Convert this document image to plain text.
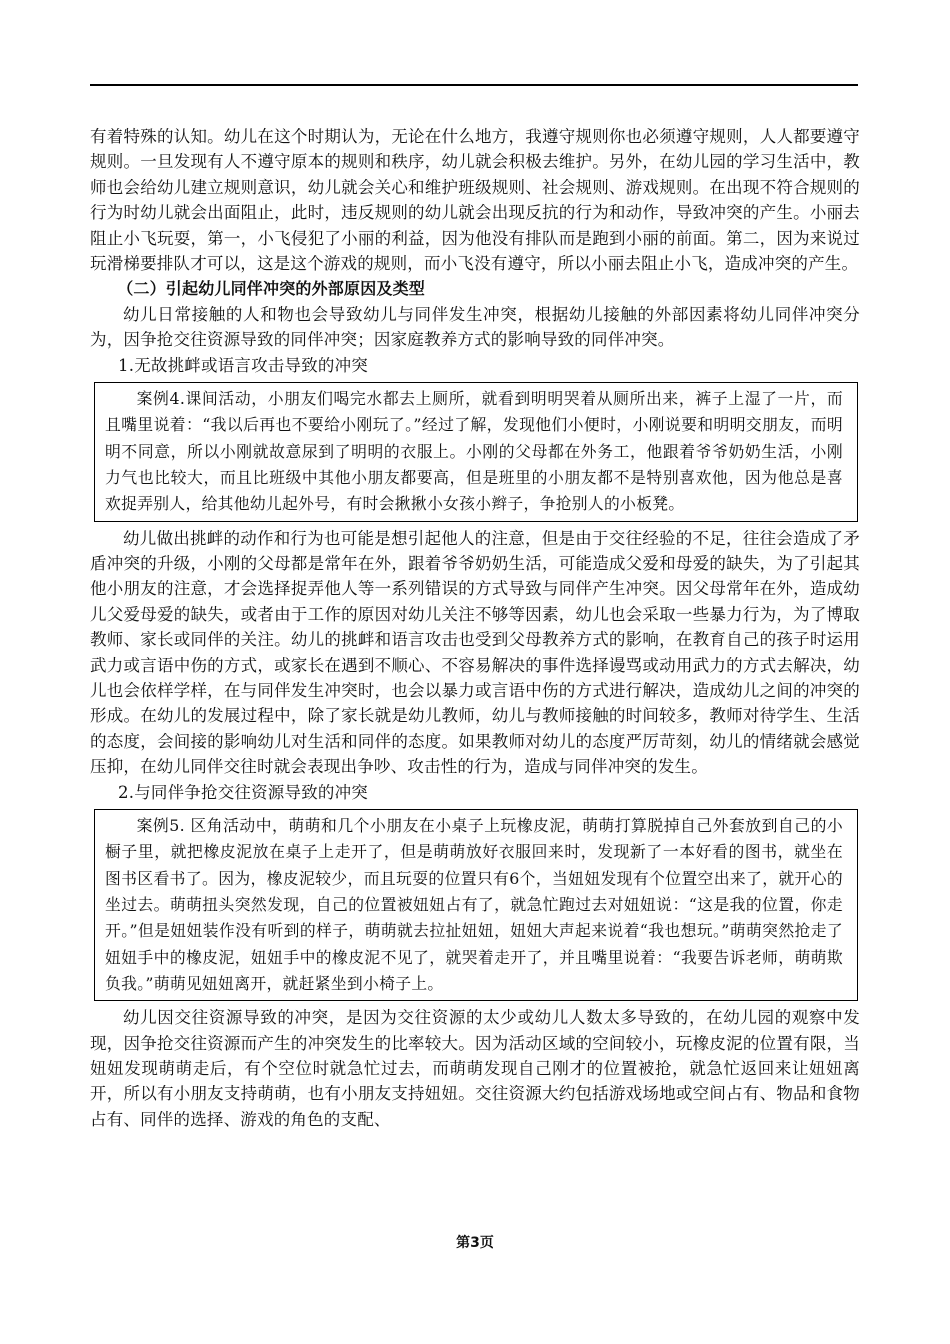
有着特殊的认知。幼儿在这个时期认为，无论在什么地方，我遵守规则你也必须遵守规则，人人都要遵守规则。一旦发现有人不遵守原本的规则和秩序，幼儿就会积极去维护。另外，在幼儿园的学习生活中，教师也会给幼儿建立规则意识，幼儿就会关心和维护班级规则、社会规则、游戏规则。在出现不符合规则的行为时幼儿就会出面阻止，此时，违反规则的幼儿就会出现反抗的行为和动作，导致冲突的产生。小丽去阻止小飞玩耍，第一，小飞侵犯了小丽的利益，因为他没有排队而是跑到小丽的前面。第二，因为来说过玩滑梯要排队才可以，这是这个游戏的规则，而小飞没有遵守，所以小丽去阻止小飞，造成冲突的产生。

（二）引起幼儿同伴冲突的外部原因及类型

幼儿日常接触的人和物也会导致幼儿与同伴发生冲突，根据幼儿接触的外部因素将幼儿同伴冲突分为，因争抢交往资源导致的同伴冲突；因家庭教养方式的影响导致的同伴冲突。

1.无故挑衅或语言攻击导致的冲突

案例4.课间活动，小朋友们喝完水都去上厕所，就看到明明哭着从厕所出来，裤子上湿了一片，而且嘴里说着：“我以后再也不要给小刚玩了。”经过了解，发现他们小便时，小刚说要和明明交朋友，而明明不同意，所以小刚就故意尿到了明明的衣服上。小刚的父母都在外务工，他跟着爷爷奶奶生活，小刚力气也比较大，而且比班级中其他小朋友都要高，但是班里的小朋友都不是特别喜欢他，因为他总是喜欢捉弄别人，给其他幼儿起外号，有时会揪揪小女孩小辫子，争抢别人的小板凳。

幼儿做出挑衅的动作和行为也可能是想引起他人的注意，但是由于交往经验的不足，往往会造成了矛盾冲突的升级，小刚的父母都是常年在外，跟着爷爷奶奶生活，可能造成父爱和母爱的缺失，为了引起其他小朋友的注意，才会选择捉弄他人等一系列错误的方式导致与同伴产生冲突。因父母常年在外，造成幼儿父爱母爱的缺失，或者由于工作的原因对幼儿关注不够等因素，幼儿也会采取一些暴力行为，为了博取教师、家长或同伴的关注。幼儿的挑衅和语言攻击也受到父母教养方式的影响，在教育自己的孩子时运用武力或言语中伤的方式，或家长在遇到不顺心、不容易解决的事件选择谩骂或动用武力的方式去解决，幼儿也会依样学样，在与同伴发生冲突时，也会以暴力或言语中伤的方式进行解决，造成幼儿之间的冲突的形成。在幼儿的发展过程中，除了家长就是幼儿教师，幼儿与教师接触的时间较多，教师对待学生、生活的态度，会间接的影响幼儿对生活和同伴的态度。如果教师对幼儿的态度严厉苛刻，幼儿的情绪就会感觉压抑，在幼儿同伴交往时就会表现出争吵、攻击性的行为，造成与同伴冲突的发生。

2.与同伴争抢交往资源导致的冲突

案例5. 区角活动中，萌萌和几个小朋友在小桌子上玩橡皮泥，萌萌打算脱掉自己外套放到自己的小橱子里，就把橡皮泥放在桌子上走开了，但是萌萌放好衣服回来时，发现新了一本好看的图书，就坐在图书区看书了。因为，橡皮泥较少，而且玩耍的位置只有6个，当妞妞发现有个位置空出来了，就开心的坐过去。萌萌扭头突然发现，自己的位置被妞妞占有了，就急忙跑过去对妞妞说：“这是我的位置，你走开。”但是妞妞装作没有听到的样子，萌萌就去拉扯妞妞，妞妞大声起来说着“我也想玩。”萌萌突然抢走了妞妞手中的橡皮泥，妞妞手中的橡皮泥不见了，就哭着走开了，并且嘴里说着：“我要告诉老师，萌萌欺负我。”萌萌见妞妞离开，就赶紧坐到小椅子上。

幼儿因交往资源导致的冲突，是因为交往资源的太少或幼儿人数太多导致的，在幼儿园的观察中发现，因争抢交往资源而产生的冲突发生的比率较大。因为活动区域的空间较小，玩橡皮泥的位置有限，当妞妞发现萌萌走后，有个空位时就急忙过去，而萌萌发现自己刚才的位置被抢，就急忙返回来让妞妞离开，所以有小朋友支持萌萌，也有小朋友支持妞妞。交往资源大约包括游戏场地或空间占有、物品和食物占有、同伴的选择、游戏的角色的支配、

第3页
